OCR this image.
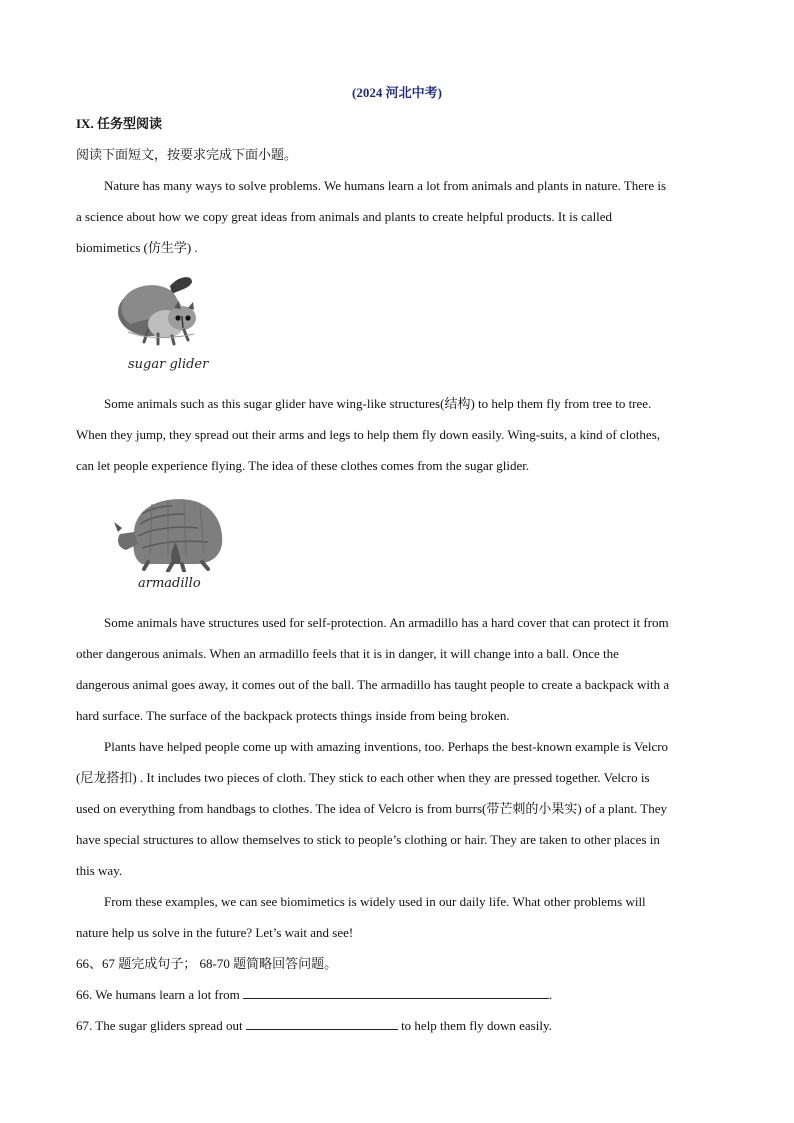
(2024 河北中考)
IX. 任务型阅读
阅读下面短文，按要求完成下面小题。
Nature has many ways to solve problems. We humans learn a lot from animals and plants in nature. There is
a science about how we copy great ideas from animals and plants to create helpful products. It is called
biomimetics (仿生学) .
sugar glider
Some animals such as this sugar glider have wing-like structures(结构) to help them fly from tree to tree.
When they jump, they spread out their arms and legs to help them fly down easily. Wing-suits, a kind of clothes,
can let people experience flying. The idea of these clothes comes from the sugar glider.
armadillo
Some animals have structures used for self-protection. An armadillo has a hard cover that can protect it from
other dangerous animals. When an armadillo feels that it is in danger, it will change into a ball. Once the
dangerous animal goes away, it comes out of the ball. The armadillo has taught people to create a backpack with a
hard surface. The surface of the backpack protects things inside from being broken.
Plants have helped people come up with amazing inventions, too. Perhaps the best-known example is Velcro
(尼龙搭扣) . It includes two pieces of cloth. They stick to each other when they are pressed together. Velcro is
used on everything from handbags to clothes. The idea of Velcro is from burrs(带芒刺的小果实) of a plant. They
have special structures to allow themselves to stick to people’s clothing or hair. They are taken to other places in
this way.
From these examples, we can see biomimetics is widely used in our daily life. What other problems will
nature help us solve in the future? Let’s wait and see!
66、67 题完成句子； 68-70 题简略回答问题。
66. We humans learn a lot from	.
67. The sugar gliders spread out	to help them fly down easily.
